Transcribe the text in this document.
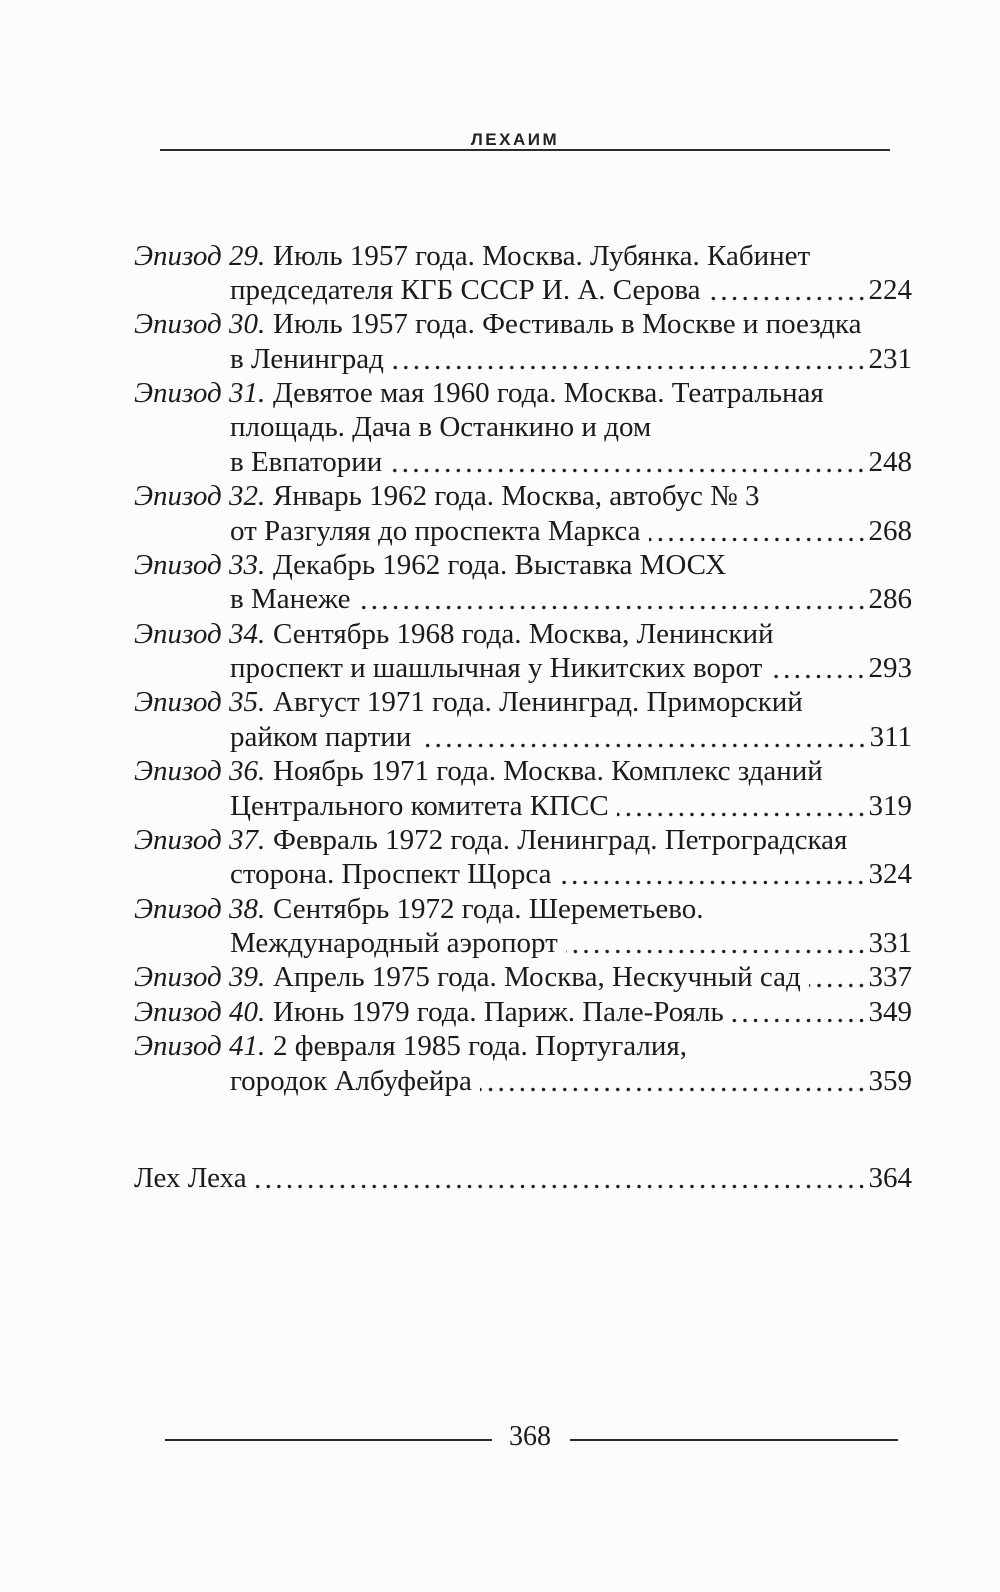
ЛЕХАИМ
Эпизод 29. Июль 1957 года. Москва. Лубянка. Кабинет
председателя КГБ СССР И. А. Серова	224
Эпизод 30. Июль 1957 года. Фестиваль в Москве и поездка
в Ленинград	231
Эпизод 31. Девятое мая 1960 года. Москва. Театральная
площадь. Дача в Останкино и дом
в Евпатории	248
Эпизод 32. Январь 1962 года. Москва, автобус № 3
от Разгуляя до проспекта Маркса	268
Эпизод 33. Декабрь 1962 года. Выставка МОСХ
в Манеже	286
Эпизод 34. Сентябрь 1968 года. Москва, Ленинский
проспект и шашлычная у Никитских ворот	293
Эпизод 35. Август 1971 года. Ленинград. Приморский
райком партии	311
Эпизод 36. Ноябрь 1971 года. Москва. Комплекс зданий
Центрального комитета КПСС	319
Эпизод 37. Февраль 1972 года. Ленинград. Петроградская
сторона. Проспект Щорса	324
Эпизод 38. Сентябрь 1972 года. Шереметьево.
Международный аэропорт	331
Эпизод 39. Апрель 1975 года. Москва, Нескучный сад 337
Эпизод 40. Июнь 1979 года. Париж. Пале-Рояль	349
Эпизод 41. 2 февраля 1985 года. Португалия,
городок Албуфейра	359
Лех Леха	364
368
